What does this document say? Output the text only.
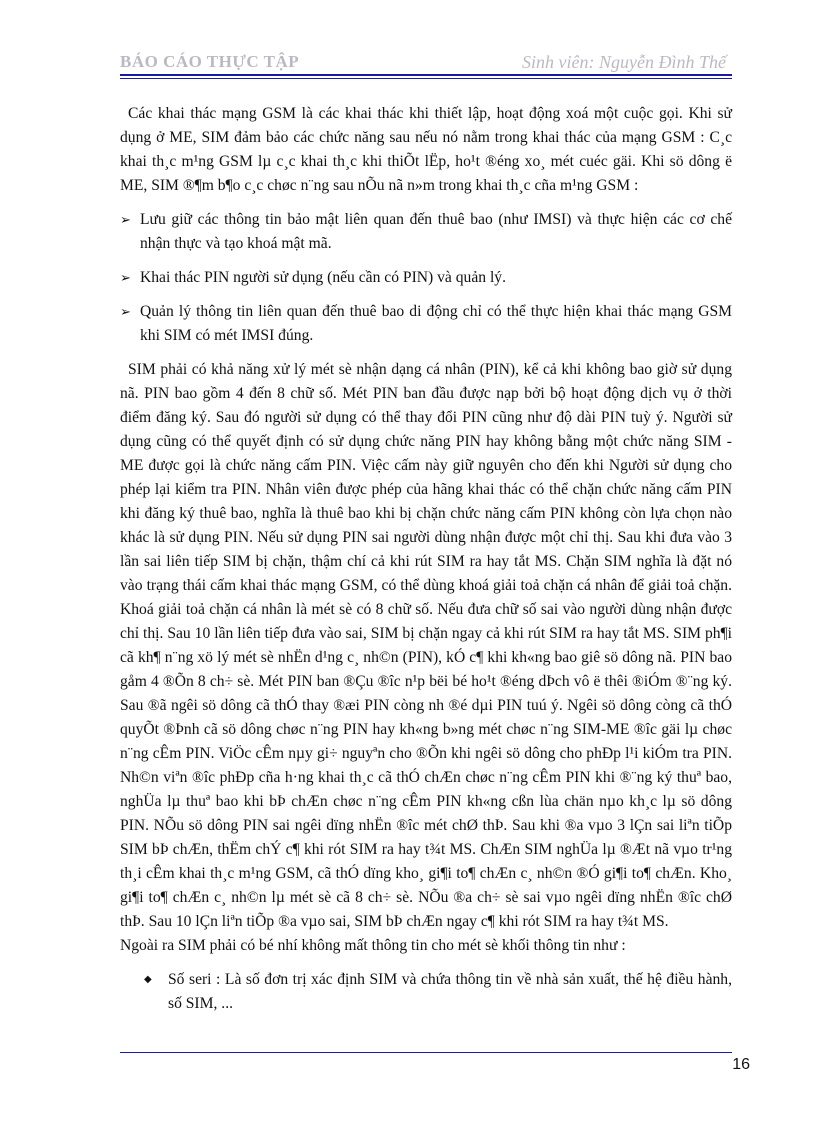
BÁO CÁO THỰC TẬP	Sinh viên: Nguyễn Đình Thế

Các khai thác mạng GSM là các khai thác khi thiết lập, hoạt động xoá một cuộc gọi. Khi sử dụng ở ME, SIM đảm bảo các chức năng sau nếu nó nằm trong khai thác của mạng GSM : C¸c khai th¸c m¹ng GSM lµ c¸c khai th¸c khi thiÕt lËp, ho¹t ®éng xo¸ mét cuéc gäi. Khi sö dông ë ME, SIM ®¶m b¶o c¸c chøc n¨ng sau nÕu nã n»m trong khai th¸c cña m¹ng GSM :

➢ Lưu giữ các thông tin bảo mật liên quan đến thuê bao (như IMSI) và thực hiện các cơ chế nhận thực và tạo khoá mật mã.
➢ Khai thác PIN người sử dụng (nếu cần có PIN) và quản lý.
➢ Quản lý thông tin liên quan đến thuê bao di động chỉ có thể thực hiện khai thác mạng GSM khi SIM có mét IMSI đúng.

SIM phải có khả năng xử lý mét sè nhận dạng cá nhân (PIN), kể cả khi không bao giờ sử dụng nã. PIN bao gồm 4 đến 8 chữ số. Mét PIN ban đầu được nạp bởi bộ hoạt động dịch vụ ở thời điểm đăng ký. Sau đó người sử dụng có thể thay đổi PIN cũng như độ dài PIN tuỳ ý. Người sử dụng cũng có thể quyết định có sử dụng chức năng PIN hay không bằng một chức năng SIM - ME được gọi là chức năng cấm PIN. Việc cấm này giữ nguyên cho đến khi Người sử dụng cho phép lại kiểm tra PIN. Nhân viên được phép của hãng khai thác có thể chặn chức năng cấm PIN khi đăng ký thuê bao, nghĩa là thuê bao khi bị chặn chức năng cấm PIN không còn lựa chọn nào khác là sử dụng PIN. Nếu sử dụng PIN sai người dùng nhận được một chỉ thị. Sau khi đưa vào 3 lần sai liên tiếp SIM bị chặn, thậm chí cả khi rút SIM ra hay tắt MS. Chặn SIM nghĩa là đặt nó vào trạng thái cấm khai thác mạng GSM, có thể dùng khoá giải toả chặn cá nhân để giải toả chặn. Khoá giải toả chặn cá nhân là mét sè có 8 chữ số. Nếu đưa chữ số sai vào người dùng nhận được chỉ thị. Sau 10 lần liên tiếp đưa vào sai, SIM bị chặn ngay cả khi rút SIM ra hay tắt MS. SIM ph¶i cã kh¶ n¨ng xö lý mét sè nhËn d¹ng c¸ nh©n (PIN), kÓ c¶ khi kh«ng bao giê sö dông nã. PIN bao gåm 4 ®Õn 8 ch÷ sè. Mét PIN ban ®Çu ®îc n¹p bëi bé ho¹t ®éng dÞch vô ë thêi ®iÓm ®¨ng ký. Sau ®ã ngêi sö dông cã thÓ thay ®æi PIN còng nh ®é dµi PIN tuú ý. Ngêi sö dông còng cã thÓ quyÕt ®Þnh cã sö dông chøc n¨ng PIN hay kh«ng b»ng mét chøc n¨ng SIM-ME ®îc gäi lµ chøc n¨ng cÊm PIN. ViÖc cÊm nµy gi÷ nguyªn cho ®Õn khi ngêi sö dông cho phÐp l¹i kiÓm tra PIN. Nh©n viªn ®îc phÐp cña h·ng khai th¸c cã thÓ chÆn chøc n¨ng cÊm PIN khi ®¨ng ký thuª bao, nghÜa lµ thuª bao khi bÞ chÆn chøc n¨ng cÊm PIN kh«ng cßn lùa chän nµo kh¸c lµ sö dông PIN. NÕu sö dông PIN sai ngêi dïng nhËn ®îc mét chØ thÞ. Sau khi ®a vµo 3 lÇn sai liªn tiÕp SIM bÞ chÆn, thËm chÝ c¶ khi rót SIM ra hay t¾t MS. ChÆn SIM nghÜa lµ ®Æt nã vµo tr¹ng th¸i cÊm khai th¸c m¹ng GSM, cã thÓ dïng kho¸ gi¶i to¶ chÆn c¸ nh©n ®Ó gi¶i to¶ chÆn. Kho¸ gi¶i to¶ chÆn c¸ nh©n lµ mét sè cã 8 ch÷ sè. NÕu ®a ch÷ sè sai vµo ngêi dïng nhËn ®îc chØ thÞ. Sau 10 lÇn liªn tiÕp ®a vµo sai, SIM bÞ chÆn ngay c¶ khi rót SIM ra hay t¾t MS.

Ngoài ra SIM phải có bé nhí không mất thông tin cho mét sè khối thông tin như :

◆	Số seri : Là số đơn trị xác định SIM và chứa thông tin về nhà sản xuất, thế hệ điều hành, số SIM, ...
16
